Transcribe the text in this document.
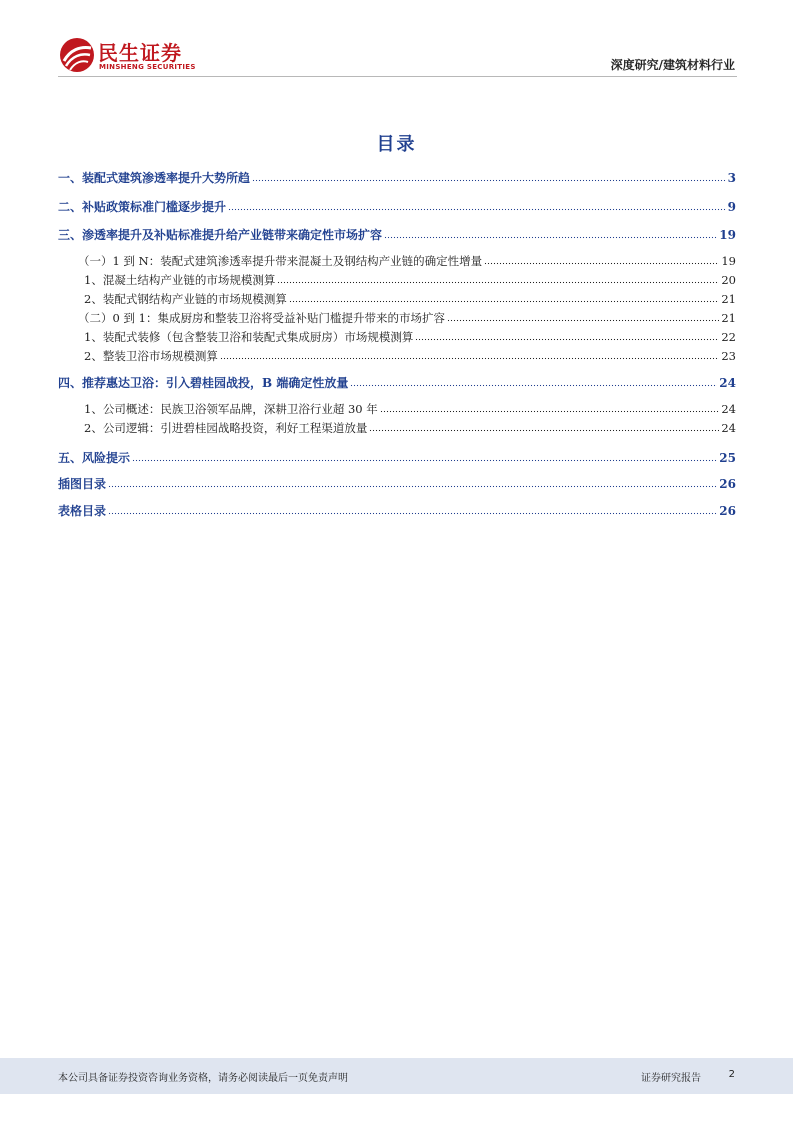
民生证券
MINSHENG SECURITIES	深度研究/建筑材料行业
目录
一、装配式建筑渗透率提升大势所趋	3
二、补贴政策标准门槛逐步提升	9
三、渗透率提升及补贴标准提升给产业链带来确定性市场扩容	19
（一）1 到 N：装配式建筑渗透率提升带来混凝土及钢结构产业链的确定性增量	19
1、混凝土结构产业链的市场规模测算	20
2、装配式钢结构产业链的市场规模测算	21
（二）0 到 1：集成厨房和整装卫浴将受益补贴门槛提升带来的市场扩容	21
1、装配式装修（包含整装卫浴和装配式集成厨房）市场规模测算	22
2、整装卫浴市场规模测算	23
四、推荐惠达卫浴：引入碧桂园战投，B 端确定性放量	24
1、公司概述：民族卫浴领军品牌，深耕卫浴行业超 30 年	24
2、公司逻辑：引进碧桂园战略投资，利好工程渠道放量	24
五、风险提示	25
插图目录	26
表格目录	26
本公司具备证券投资咨询业务资格，请务必阅读最后一页免责声明	证券研究报告	2
